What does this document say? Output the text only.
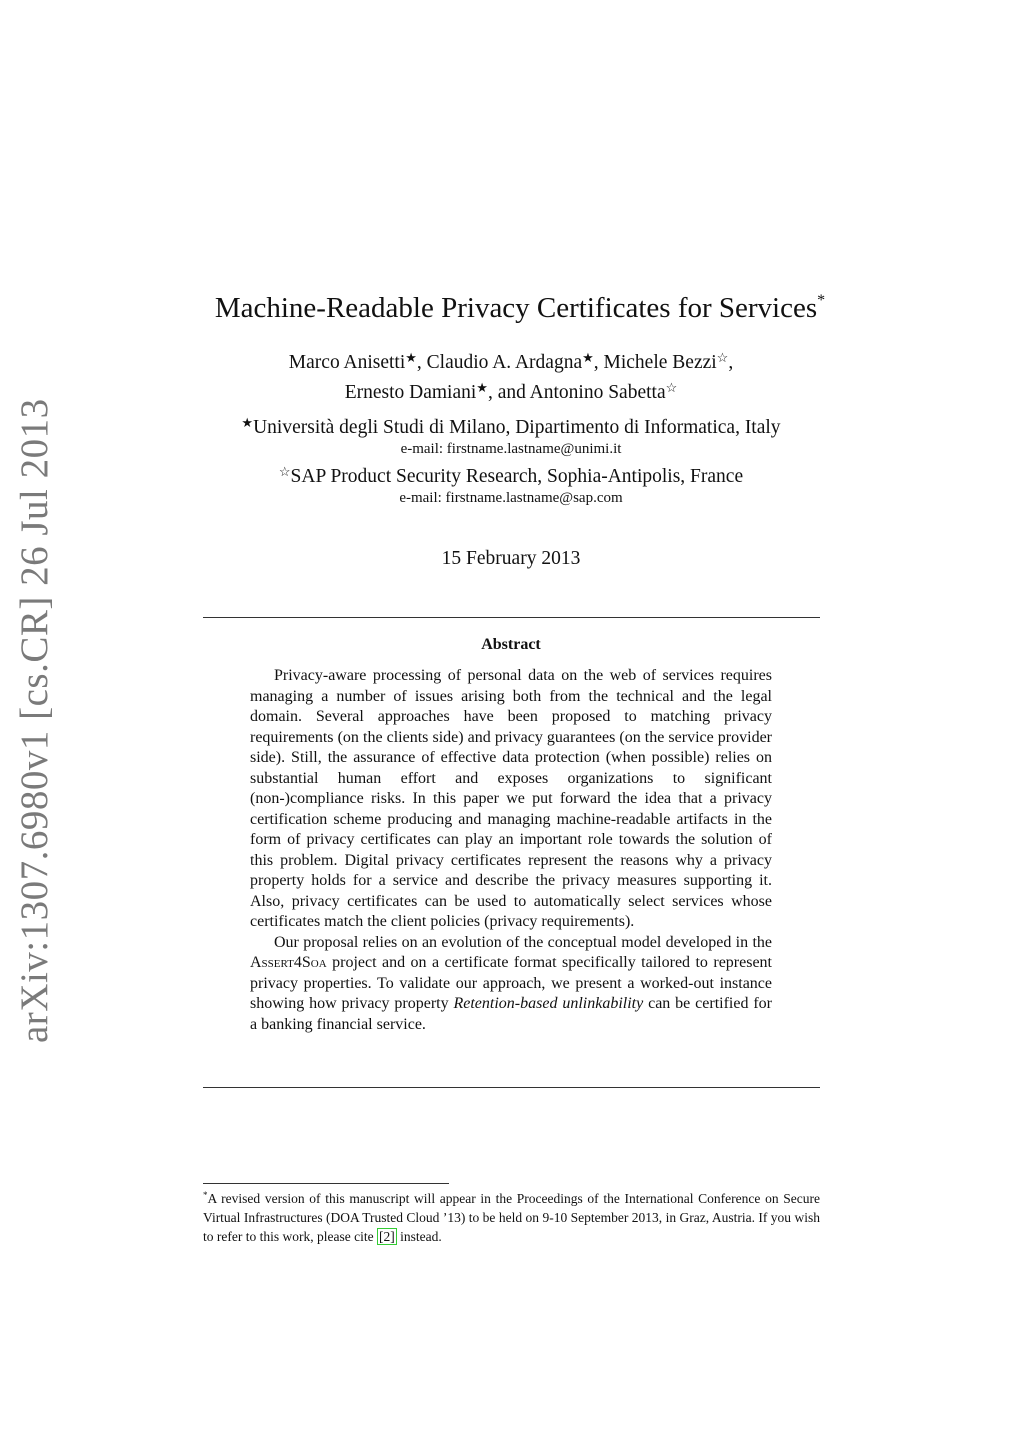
arXiv:1307.6980v1 [cs.CR] 26 Jul 2013
Machine-Readable Privacy Certificates for Services*
Marco Anisetti★, Claudio A. Ardagna★, Michele Bezzi☆,
Ernesto Damiani★, and Antonino Sabetta☆
★Università degli Studi di Milano, Dipartimento di Informatica, Italy
e-mail: firstname.lastname@unimi.it
☆SAP Product Security Research, Sophia-Antipolis, France
e-mail: firstname.lastname@sap.com
15 February 2013
Abstract

Privacy-aware processing of personal data on the web of services requires managing a number of issues arising both from the technical and the legal domain. Several approaches have been proposed to matching privacy requirements (on the clients side) and privacy guarantees (on the service provider side). Still, the assurance of effective data protection (when possible) relies on substantial human effort and exposes organizations to significant (non-)compliance risks. In this paper we put forward the idea that a privacy certification scheme producing and managing machine-readable artifacts in the form of privacy certificates can play an important role towards the solution of this problem. Digital privacy certificates represent the reasons why a privacy property holds for a service and describe the privacy measures supporting it. Also, privacy certificates can be used to automatically select services whose certificates match the client policies (privacy requirements).

Our proposal relies on an evolution of the conceptual model developed in the Assert4Soa project and on a certificate format specifically tailored to represent privacy properties. To validate our approach, we present a worked-out instance showing how privacy property Retention-based unlinkability can be certified for a banking financial service.

*A revised version of this manuscript will appear in the Proceedings of the International Conference on Secure Virtual Infrastructures (DOA Trusted Cloud ’13) to be held on 9-10 September 2013, in Graz, Austria. If you wish to refer to this work, please cite [2] instead.
